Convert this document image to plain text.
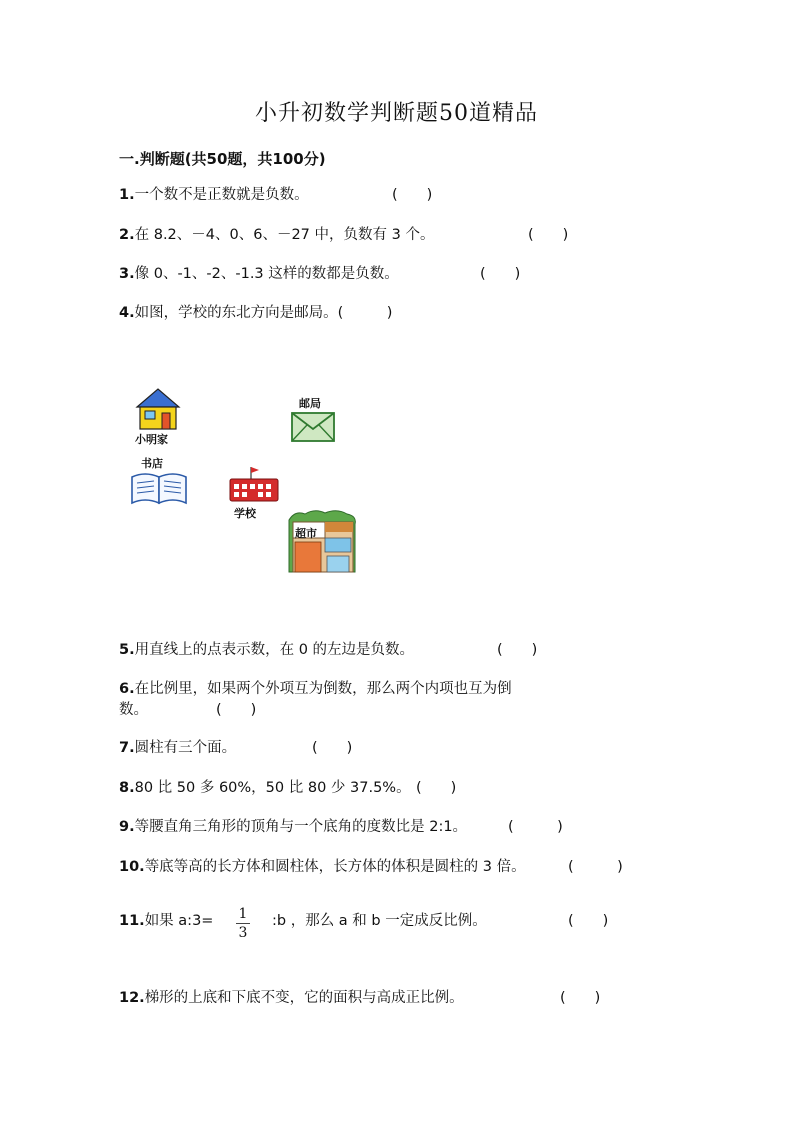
小升初数学判断题50道精品
一.判断题(共50题，共100分)
1.一个数不是正数就是负数。	(　　)
2.在 8.2、－4、0、6、－27 中，负数有 3 个。	(　　)
3.像 0、-1、-2、-1.3 这样的数都是负数。	(　　)
4.如图，学校的东北方向是邮局。(　　　)
小明家
邮局
书店
学校
超市
5.用直线上的点表示数，在 0 的左边是负数。	(　　)
6.在比例里，如果两个外项互为倒数，那么两个内项也互为倒
数。	(　　)
7.圆柱有三个面。	(　　)
8.80 比 50 多 60%，50 比 80 少 37.5%。 (　　)
9.等腰直角三角形的顶角与一个底角的度数比是 2:1。	(　　　)
10.等底等高的长方体和圆柱体，长方体的体积是圆柱的 3 倍。	(　　　)
11.如果 a:3= 1
3
:b ，那么 a 和 b 一定成反比例。	(　　)
12.梯形的上底和下底不变，它的面积与高成正比例。	(　　)
